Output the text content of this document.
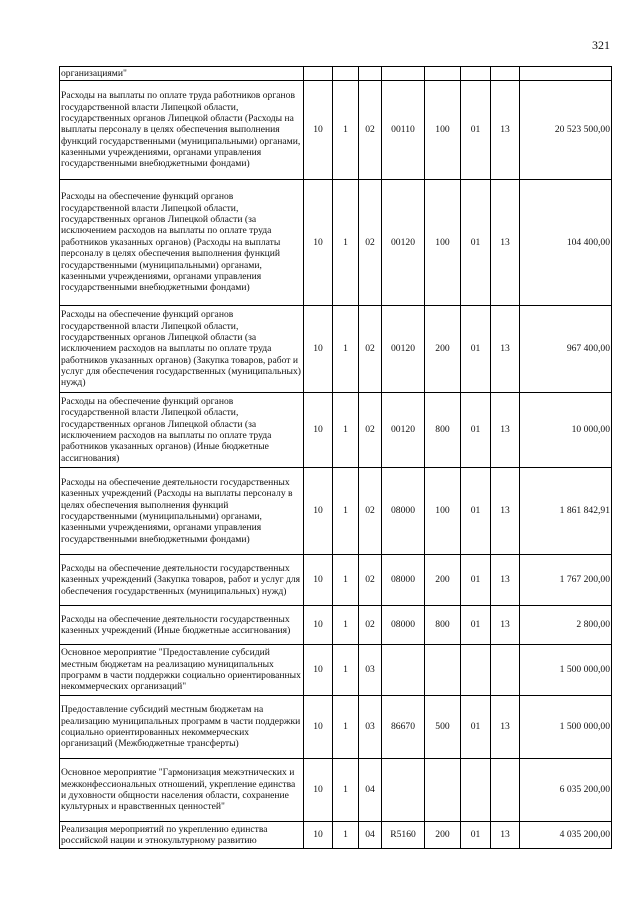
321
организациями"								
Расходы на выплаты по оплате труда работников органов государственной власти Липецкой области, государственных органов Липецкой области (Расходы на выплаты персоналу в целях обеспечения выполнения функций государственными (муниципальными) органами, казенными учреждениями, органами управления государственными внебюджетными фондами)	10	1	02	00110	100	01	13	20 523 500,00
Расходы на обеспечение функций органов государственной власти Липецкой области, государственных органов Липецкой области (за исключением расходов на выплаты по оплате труда работников указанных органов) (Расходы на выплаты персоналу в целях обеспечения выполнения функций государственными (муниципальными) органами, казенными учреждениями, органами управления государственными внебюджетными фондами)	10	1	02	00120	100	01	13	104 400,00
Расходы на обеспечение функций органов государственной власти Липецкой области, государственных органов Липецкой области (за исключением расходов на выплаты по оплате труда работников указанных органов) (Закупка товаров, работ и услуг для обеспечения государственных (муниципальных) нужд)	10	1	02	00120	200	01	13	967 400,00
Расходы на обеспечение функций органов государственной власти Липецкой области, государственных органов Липецкой области (за исключением расходов на выплаты по оплате труда работников указанных органов) (Иные бюджетные ассигнования)	10	1	02	00120	800	01	13	10 000,00
Расходы на обеспечение деятельности государственных казенных учреждений (Расходы на выплаты персоналу в целях обеспечения выполнения функций государственными (муниципальными) органами, казенными учреждениями, органами управления государственными внебюджетными фондами)	10	1	02	08000	100	01	13	1 861 842,91
Расходы на обеспечение деятельности государственных казенных учреждений (Закупка товаров, работ и услуг для обеспечения государственных (муниципальных) нужд)	10	1	02	08000	200	01	13	1 767 200,00
Расходы на обеспечение деятельности государственных казенных учреждений (Иные бюджетные ассигнования)	10	1	02	08000	800	01	13	2 800,00
Основное мероприятие "Предоставление субсидий местным бюджетам на реализацию муниципальных программ в части поддержки социально ориентированных некоммерческих организаций"	10	1	03					1 500 000,00
Предоставление субсидий местным бюджетам на реализацию муниципальных программ в части поддержки социально ориентированных некоммерческих организаций (Межбюджетные трансферты)	10	1	03	86670	500	01	13	1 500 000,00
Основное мероприятие "Гармонизация межэтнических и межконфессиональных отношений, укрепление единства и духовности общности населения области, сохранение культурных и нравственных ценностей"	10	1	04					6 035 200,00
Реализация мероприятий по укреплению единства российской нации и этнокультурному развитию	10	1	04	R5160	200	01	13	4 035 200,00
